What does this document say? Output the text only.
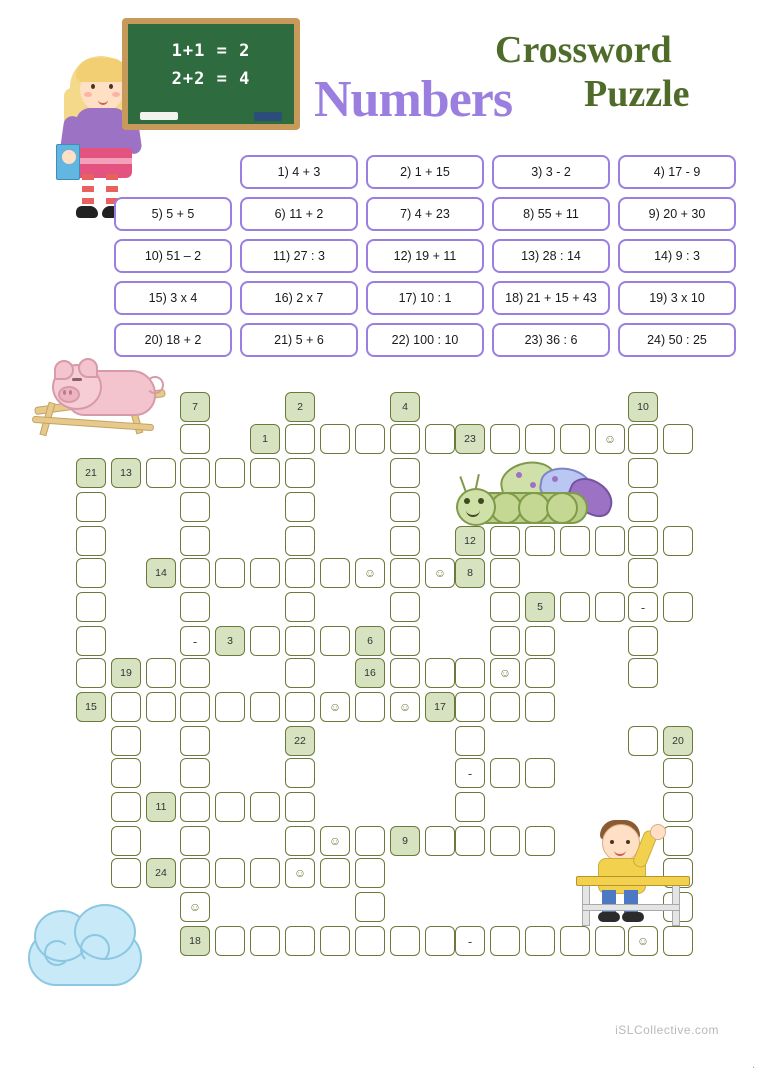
1+1 = 2
2+2 = 4	Numbers
Crossword
Puzzle
1) 4 + 3	2) 1 + 15	3) 3 - 2	4) 17 - 9
5) 5 + 5	6) 11 + 2	7) 4 + 23	8) 55 + 11	9) 20 + 30
10) 51 – 2	11) 27 : 3	12) 19 + 11	13) 28 : 14	14) 9 : 3
15) 3 x 4	16) 2 x 7	17) 10 : 1	18) 21 + 15 + 43	19) 3 x 10
20) 18 + 2	21) 5 + 6	22) 100 : 10	23) 36 : 6	24) 50 : 25
7	2	4	10
1	23	☺
21	13
12
14	☺	☺	8
5	-
-	3	6
19	16	☺
15	☺	☺	17
22	20
-
11
☺	9
24	☺
☺
18	-	☺
iSLCollective.com
.
